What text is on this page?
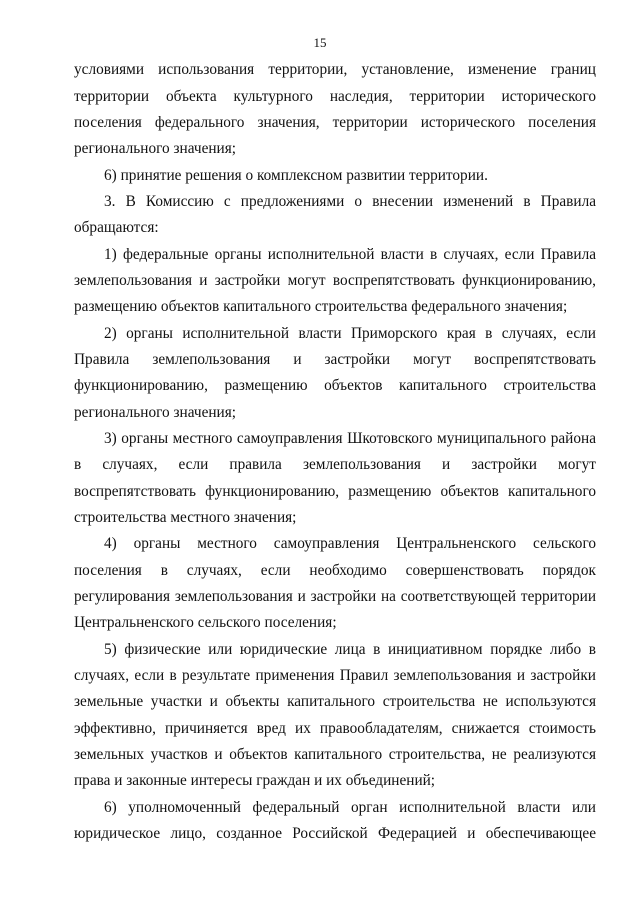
15
условиями использования территории, установление, изменение границ
территории объекта культурного наследия, территории исторического
поселения федерального значения, территории исторического поселения
регионального значения;
6) принятие решения о комплексном развитии территории.
3. В Комиссию с предложениями о внесении изменений в Правила
обращаются:
1) федеральные органы исполнительной власти в случаях, если Правила
землепользования и застройки могут воспрепятствовать функционированию,
размещению объектов капитального строительства федерального значения;
2) органы исполнительной власти Приморского края в случаях, если
Правила землепользования и застройки могут воспрепятствовать
функционированию, размещению объектов капитального строительства
регионального значения;
3) органы местного самоуправления Шкотовского муниципального района
в случаях, если правила землепользования и застройки могут
воспрепятствовать функционированию, размещению объектов капитального
строительства местного значения;
4) органы местного самоуправления Центральненского сельского
поселения в случаях, если необходимо совершенствовать порядок
регулирования землепользования и застройки на соответствующей территории
Центральненского сельского поселения;
5) физические или юридические лица в инициативном порядке либо в
случаях, если в результате применения Правил землепользования и застройки
земельные участки и объекты капитального строительства не используются
эффективно, причиняется вред их правообладателям, снижается стоимость
земельных участков и объектов капитального строительства, не реализуются
права и законные интересы граждан и их объединений;
6) уполномоченный федеральный орган исполнительной власти или
юридическое лицо, созданное Российской Федерацией и обеспечивающее
